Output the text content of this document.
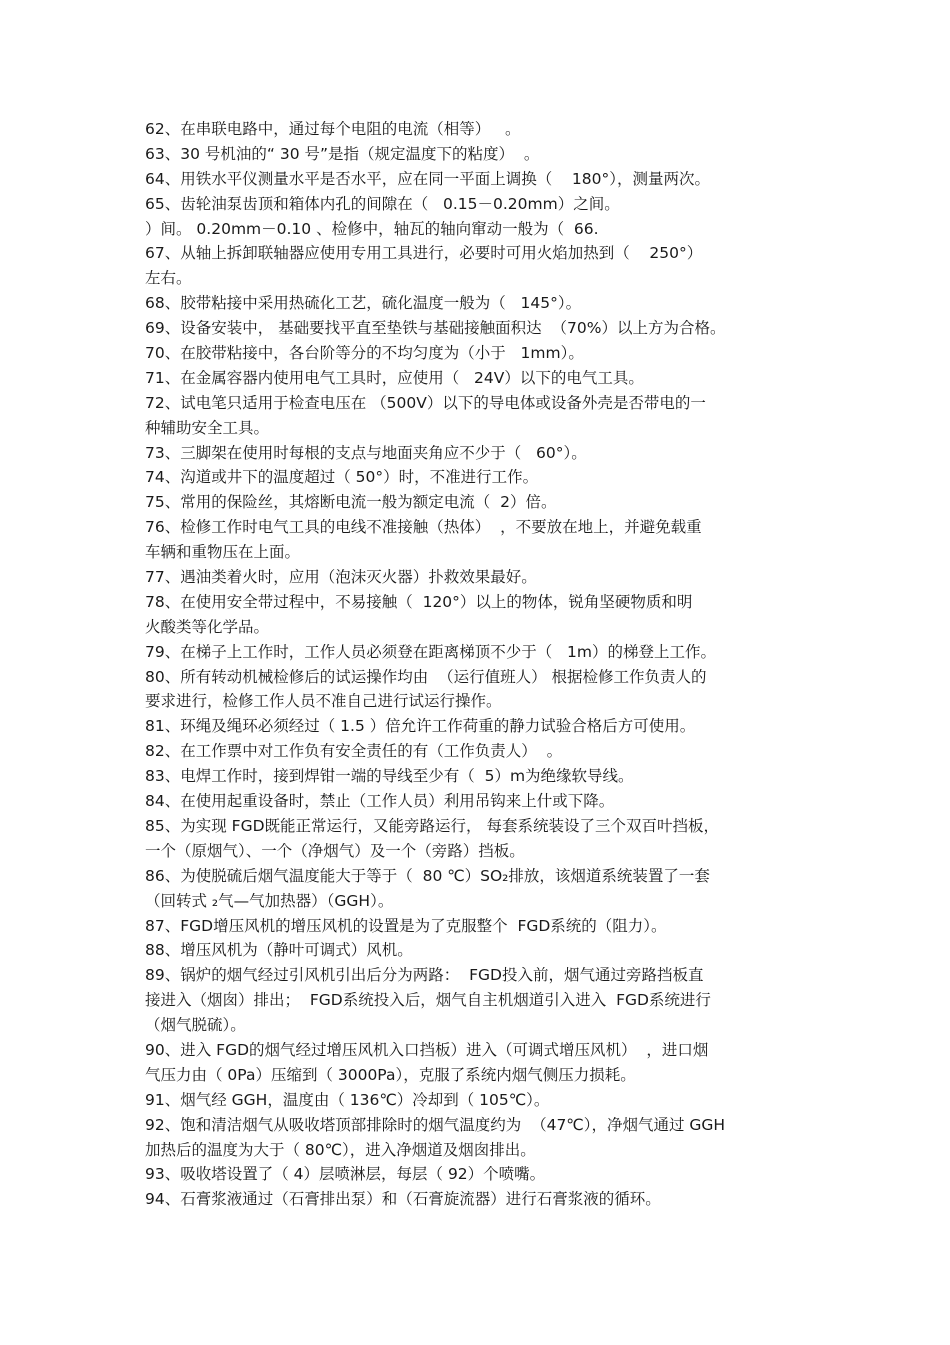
62、在串联电路中，通过每个电阻的电流（相等）   。
63、30 号机油的“ 30 号”是指（规定温度下的粘度）  。
64、用铁水平仪测量水平是否水平，应在同一平面上调换（    180°），测量两次。
65、齿轮油泵齿顶和箱体内孔的间隙在（   0.15－0.20mm）之间。
）间。 0.20mm－0.10 、检修中，轴瓦的轴向窜动一般为（  66.
67、从轴上拆卸联轴器应使用专用工具进行，必要时可用火焰加热到（    250°）
左右。
68、胶带粘接中采用热硫化工艺，硫化温度一般为（   145°）。
69、设备安装中， 基础要找平直至垫铁与基础接触面积达  （70%）以上方为合格。
70、在胶带粘接中，各台阶等分的不均匀度为（小于   1mm）。
71、在金属容器内使用电气工具时，应使用（   24V）以下的电气工具。
72、试电笔只适用于检查电压在 （500V）以下的导电体或设备外壳是否带电的一
种辅助安全工具。
73、三脚架在使用时每根的支点与地面夹角应不少于（   60°）。
74、沟道或井下的温度超过（ 50°）时，不准进行工作。
75、常用的保险丝，其熔断电流一般为额定电流（  2）倍。
76、检修工作时电气工具的电线不准接触（热体）  ，不要放在地上，并避免载重
车辆和重物压在上面。
77、遇油类着火时，应用（泡沫灭火器）扑救效果最好。
78、在使用安全带过程中，不易接触（  120°）以上的物体，锐角坚硬物质和明
火酸类等化学品。
79、在梯子上工作时，工作人员必须登在距离梯顶不少于（   1m）的梯登上工作。
80、所有转动机械检修后的试运操作均由  （运行值班人） 根据检修工作负责人的
要求进行，检修工作人员不准自己进行试运行操作。
81、环绳及绳环必须经过（ 1.5 ）倍允许工作荷重的静力试验合格后方可使用。
82、在工作票中对工作负有安全责任的有（工作负责人）  。
83、电焊工作时，接到焊钳一端的导线至少有（  5）m为绝缘软导线。
84、在使用起重设备时，禁止（工作人员）利用吊钩来上什或下降。
85、为实现 FGD既能正常运行，又能旁路运行， 每套系统装设了三个双百叶挡板，
一个（原烟气）、一个（净烟气）及一个（旁路）挡板。
86、为使脱硫后烟气温度能大于等于（  80 ℃）SO₂排放，该烟道系统装置了一套
（回转式 ₂气—气加热器）（GGH）。
87、FGD增压风机的增压风机的设置是为了克服整个  FGD系统的（阻力）。
88、增压风机为（静叶可调式）风机。
89、锅炉的烟气经过引风机引出后分为两路：  FGD投入前，烟气通过旁路挡板直
接进入（烟囱）排出；  FGD系统投入后，烟气自主机烟道引入进入  FGD系统进行
（烟气脱硫）。
90、进入 FGD的烟气经过增压风机入口挡板）进入（可调式增压风机）  ，进口烟
气压力由（ 0Pa）压缩到（ 3000Pa），克服了系统内烟气侧压力损耗。
91、烟气经 GGH，温度由（ 136℃）冷却到（ 105℃）。
92、饱和清洁烟气从吸收塔顶部排除时的烟气温度约为  （47℃），净烟气通过 GGH
加热后的温度为大于（ 80℃），进入净烟道及烟囱排出。
93、吸收塔设置了（ 4）层喷淋层，每层（ 92）个喷嘴。
94、石膏浆液通过（石膏排出泵）和（石膏旋流器）进行石膏浆液的循环。
